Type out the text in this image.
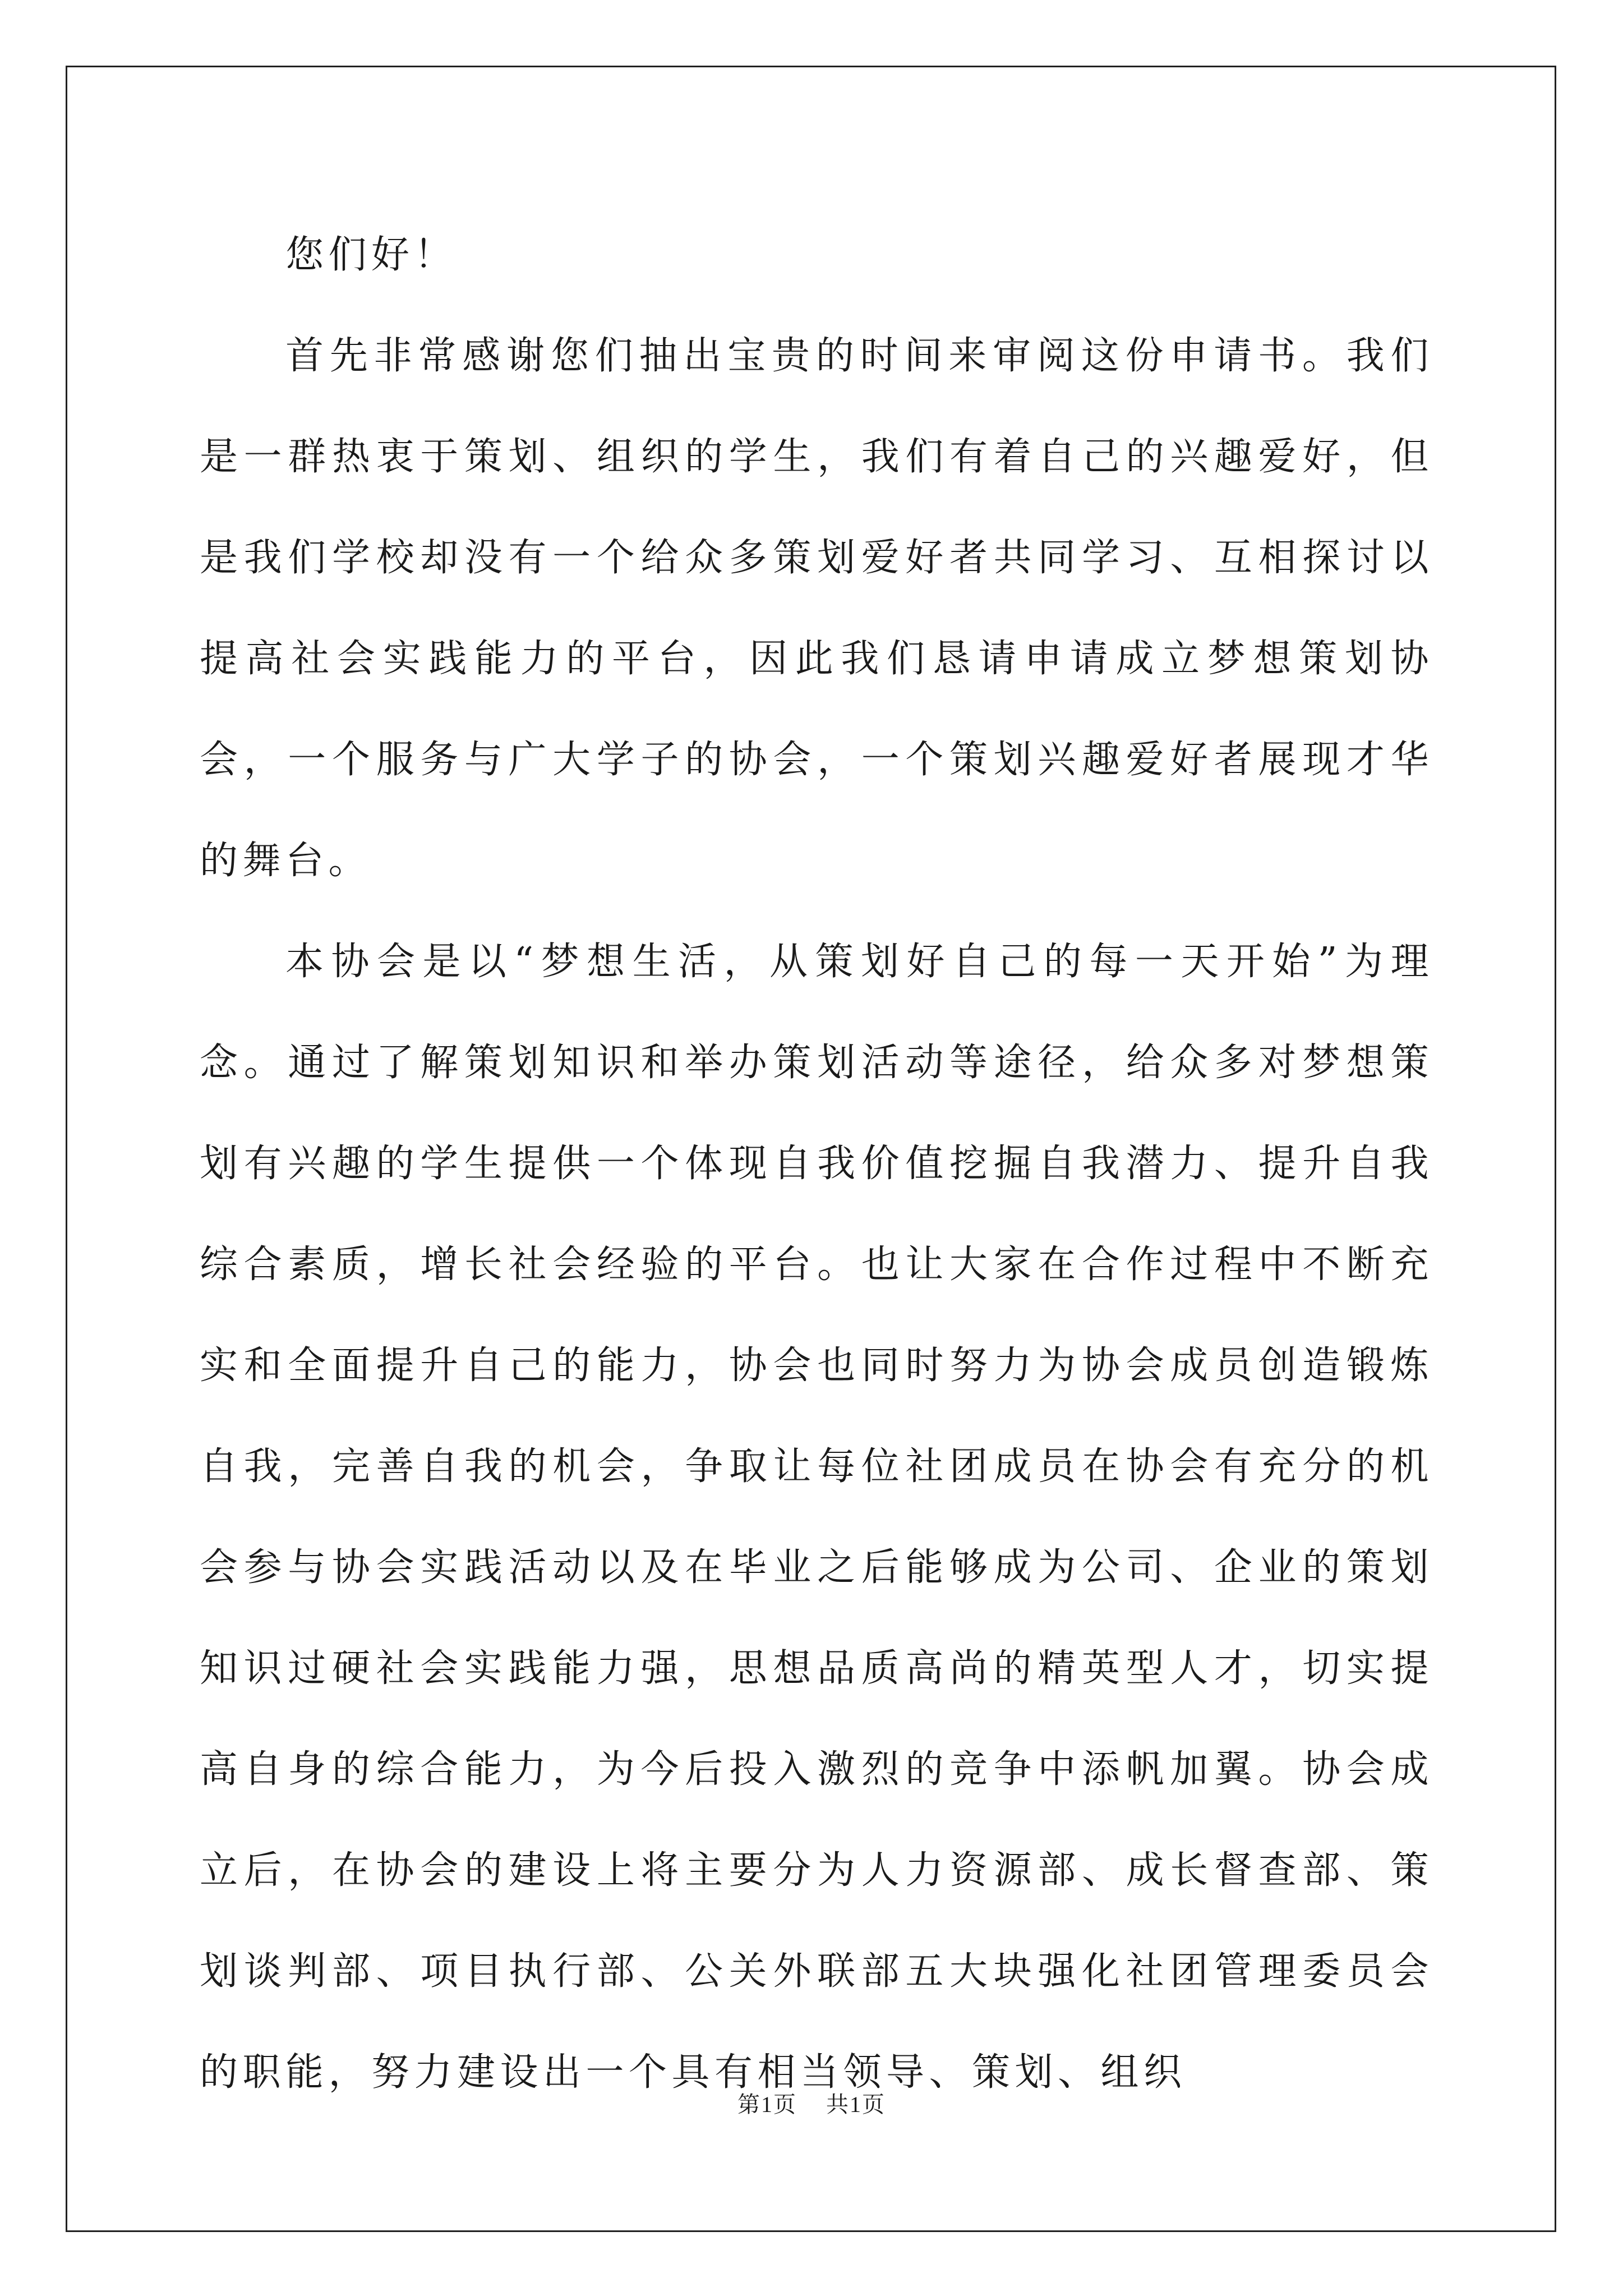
您们好！

首先非常感谢您们抽出宝贵的时间来审阅这份申请书。我们是一群热衷于策划、组织的学生，我们有着自己的兴趣爱好，但是我们学校却没有一个给众多策划爱好者共同学习、互相探讨以提高社会实践能力的平台，因此我们恳请申请成立梦想策划协会，一个服务与广大学子的协会，一个策划兴趣爱好者展现才华的舞台。

本协会是以“梦想生活，从策划好自己的每一天开始”为理念。通过了解策划知识和举办策划活动等途径，给众多对梦想策划有兴趣的学生提供一个体现自我价值挖掘自我潜力、提升自我综合素质，增长社会经验的平台。也让大家在合作过程中不断充实和全面提升自己的能力，协会也同时努力为协会成员创造锻炼自我，完善自我的机会，争取让每位社团成员在协会有充分的机会参与协会实践活动以及在毕业之后能够成为公司、企业的策划知识过硬社会实践能力强，思想品质高尚的精英型人才，切实提高自身的综合能力，为今后投入激烈的竞争中添帆加翼。协会成立后，在协会的建设上将主要分为人力资源部、成长督查部、策划谈判部、项目执行部、公关外联部五大块强化社团管理委员会的职能，努力建设出一个具有相当领导、策划、组织

第1页 共1页
